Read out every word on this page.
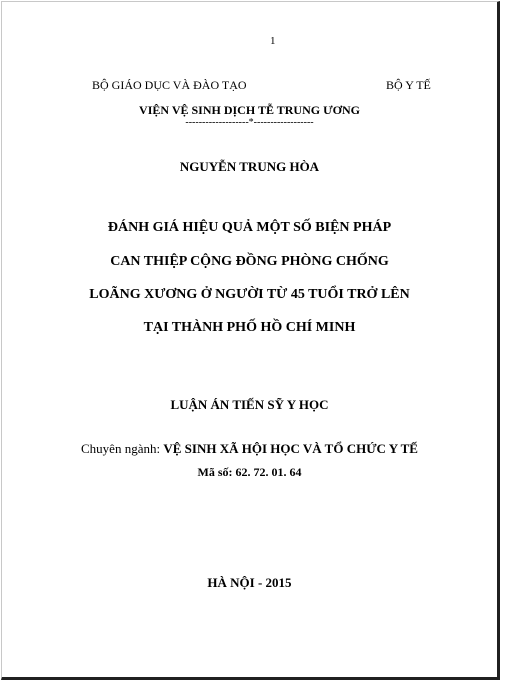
1
BỘ GIÁO DỤC VÀ ĐÀO TẠO	BỘ Y TẾ
VIỆN VỆ SINH DỊCH TỄ TRUNG ƯƠNG
-------------------*------------------
NGUYỄN TRUNG HÒA
ĐÁNH GIÁ HIỆU QUẢ MỘT SỐ BIỆN PHÁP
CAN THIỆP CỘNG ĐỒNG PHÒNG CHỐNG
LOÃNG XƯƠNG Ở NGƯỜI TỪ 45 TUỔI TRỞ LÊN
TẠI THÀNH PHỐ HỒ CHÍ MINH
LUẬN ÁN TIẾN SỸ Y HỌC
Chuyên ngành: VỆ SINH XÃ HỘI HỌC VÀ TỔ CHỨC Y TẾ
Mã số: 62. 72. 01. 64
HÀ NỘI - 2015
